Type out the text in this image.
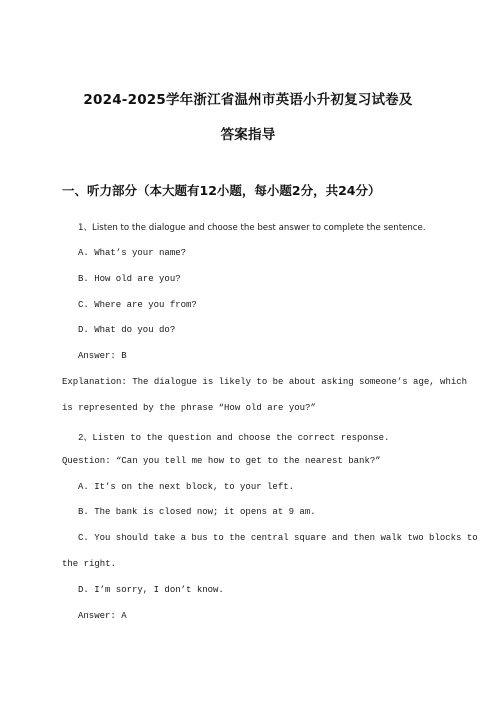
2024-2025学年浙江省温州市英语小升初复习试卷及
答案指导
一、听力部分（本大题有12小题，每小题2分，共24分）
1、Listen to the dialogue and choose the best answer to complete the sentence.
A. What’s your name?
B. How old are you?
C. Where are you from?
D. What do you do?
Answer: B
Explanation: The dialogue is likely to be about asking someone’s age, which
is represented by the phrase “How old are you?”
2、Listen to the question and choose the correct response.
Question: “Can you tell me how to get to the nearest bank?”
A. It’s on the next block, to your left.
B. The bank is closed now; it opens at 9 am.
C. You should take a bus to the central square and then walk two blocks to
the right.
D. I’m sorry, I don’t know.
Answer: A
